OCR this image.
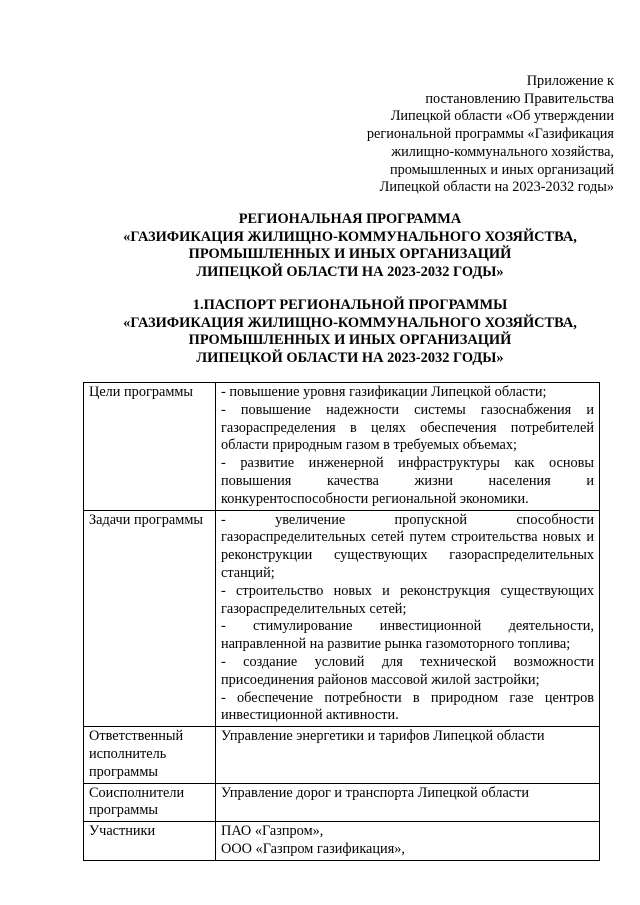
Приложение к
постановлению Правительства
Липецкой области «Об утверждении
региональной программы «Газификация
жилищно-коммунального хозяйства,
промышленных и иных организаций
Липецкой области на 2023-2032 годы»
РЕГИОНАЛЬНАЯ ПРОГРАММА
«ГАЗИФИКАЦИЯ ЖИЛИЩНО-КОММУНАЛЬНОГО ХОЗЯЙСТВА,
ПРОМЫШЛЕННЫХ И ИНЫХ ОРГАНИЗАЦИЙ
ЛИПЕЦКОЙ ОБЛАСТИ НА 2023-2032 ГОДЫ»
1.ПАСПОРТ РЕГИОНАЛЬНОЙ ПРОГРАММЫ
«ГАЗИФИКАЦИЯ ЖИЛИЩНО-КОММУНАЛЬНОГО ХОЗЯЙСТВА,
ПРОМЫШЛЕННЫХ И ИНЫХ ОРГАНИЗАЦИЙ
ЛИПЕЦКОЙ ОБЛАСТИ НА 2023-2032 ГОДЫ»
Цели программы	- повышение уровня газификации Липецкой области;
- повышение надежности системы газоснабжения и газораспределения в целях обеспечения потребителей области природным газом в требуемых объемах;
- развитие инженерной инфраструктуры как основы повышения качества жизни населения и конкурентоспособности региональной экономики.

Задачи программы	- увеличение пропускной способности газораспределительных сетей путем строительства новых и реконструкции существующих газораспределительных станций;
- строительство новых и реконструкция существующих газораспределительных сетей;
- стимулирование инвестиционной деятельности, направленной на развитие рынка газомоторного топлива;
- создание условий для технической возможности присоединения районов массовой жилой застройки;
- обеспечение потребности в природном газе центров инвестиционной активности.

Ответственный исполнитель программы	Управление энергетики и тарифов Липецкой области

Соисполнители программы	Управление дорог и транспорта Липецкой области

Участники	ПАО «Газпром»,
ООО «Газпром газификация»,
